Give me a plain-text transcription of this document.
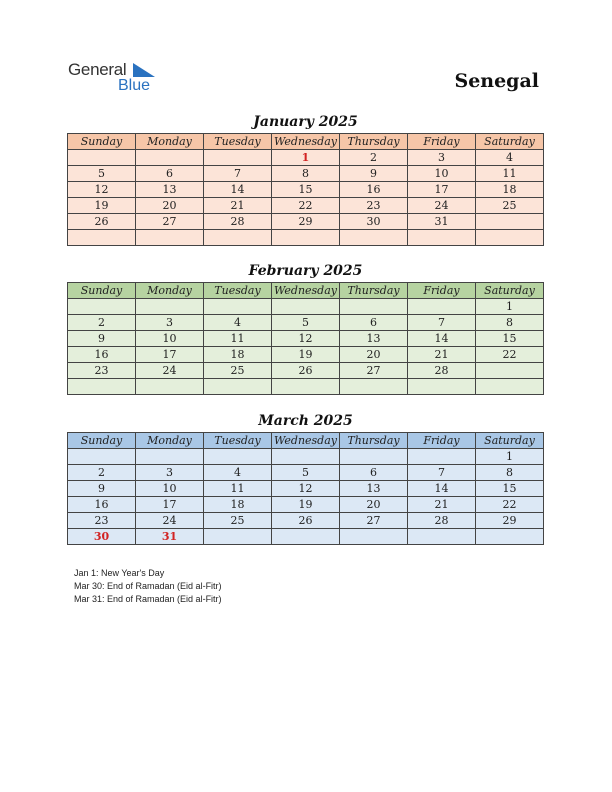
General
Blue	Senegal
January 2025
Sunday	Monday	Tuesday	Wednesday	Thursday	Friday	Saturday
			1	2	3	4
5	6	7	8	9	10	11
12	13	14	15	16	17	18
19	20	21	22	23	24	25
26	27	28	29	30	31	

February 2025
Sunday	Monday	Tuesday	Wednesday	Thursday	Friday	Saturday
						1
2	3	4	5	6	7	8
9	10	11	12	13	14	15
16	17	18	19	20	21	22
23	24	25	26	27	28	

March 2025
Sunday	Monday	Tuesday	Wednesday	Thursday	Friday	Saturday
						1
2	3	4	5	6	7	8
9	10	11	12	13	14	15
16	17	18	19	20	21	22
23	24	25	26	27	28	29
30	31					
Jan 1: New Year's Day
Mar 30: End of Ramadan (Eid al-Fitr)
Mar 31: End of Ramadan (Eid al-Fitr)
